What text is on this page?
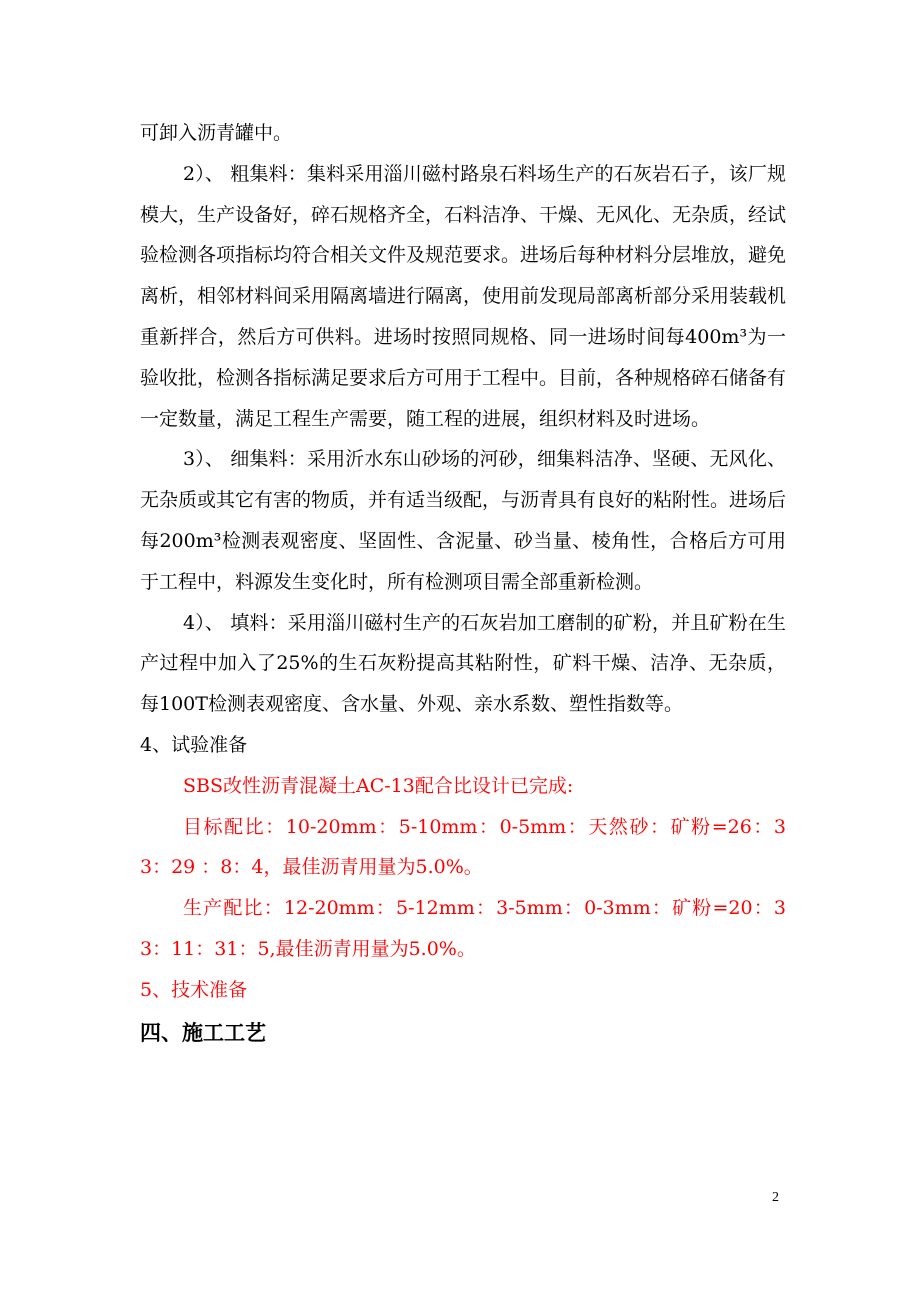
可卸入沥青罐中。

2）、 粗集料：集料采用淄川磁村路泉石料场生产的石灰岩石子，该厂规模大，生产设备好，碎石规格齐全，石料洁净、干燥、无风化、无杂质，经试验检测各项指标均符合相关文件及规范要求。进场后每种材料分层堆放，避免离析，相邻材料间采用隔离墙进行隔离，使用前发现局部离析部分采用装载机重新拌合，然后方可供料。进场时按照同规格、同一进场时间每400m³为一验收批，检测各指标满足要求后方可用于工程中。目前，各种规格碎石储备有一定数量，满足工程生产需要，随工程的进展，组织材料及时进场。

3）、 细集料：采用沂水东山砂场的河砂，细集料洁净、坚硬、无风化、无杂质或其它有害的物质，并有适当级配，与沥青具有良好的粘附性。进场后每200m³检测表观密度、坚固性、含泥量、砂当量、棱角性，合格后方可用于工程中，料源发生变化时，所有检测项目需全部重新检测。

4）、 填料：采用淄川磁村生产的石灰岩加工磨制的矿粉，并且矿粉在生产过程中加入了25%的生石灰粉提高其粘附性，矿料干燥、洁净、无杂质，每100T检测表观密度、含水量、外观、亲水系数、塑性指数等。

4、试验准备

SBS改性沥青混凝土AC-13配合比设计已完成:

目标配比：10-20mm：5-10mm：0-5mm：天然砂：矿粉=26：33：29 ：8：4，最佳沥青用量为5.0%。

生产配比：12-20mm：5-12mm：3-5mm：0-3mm：矿粉=20：33：11：31：5,最佳沥青用量为5.0%。

5、技术准备

四、施工工艺

2
